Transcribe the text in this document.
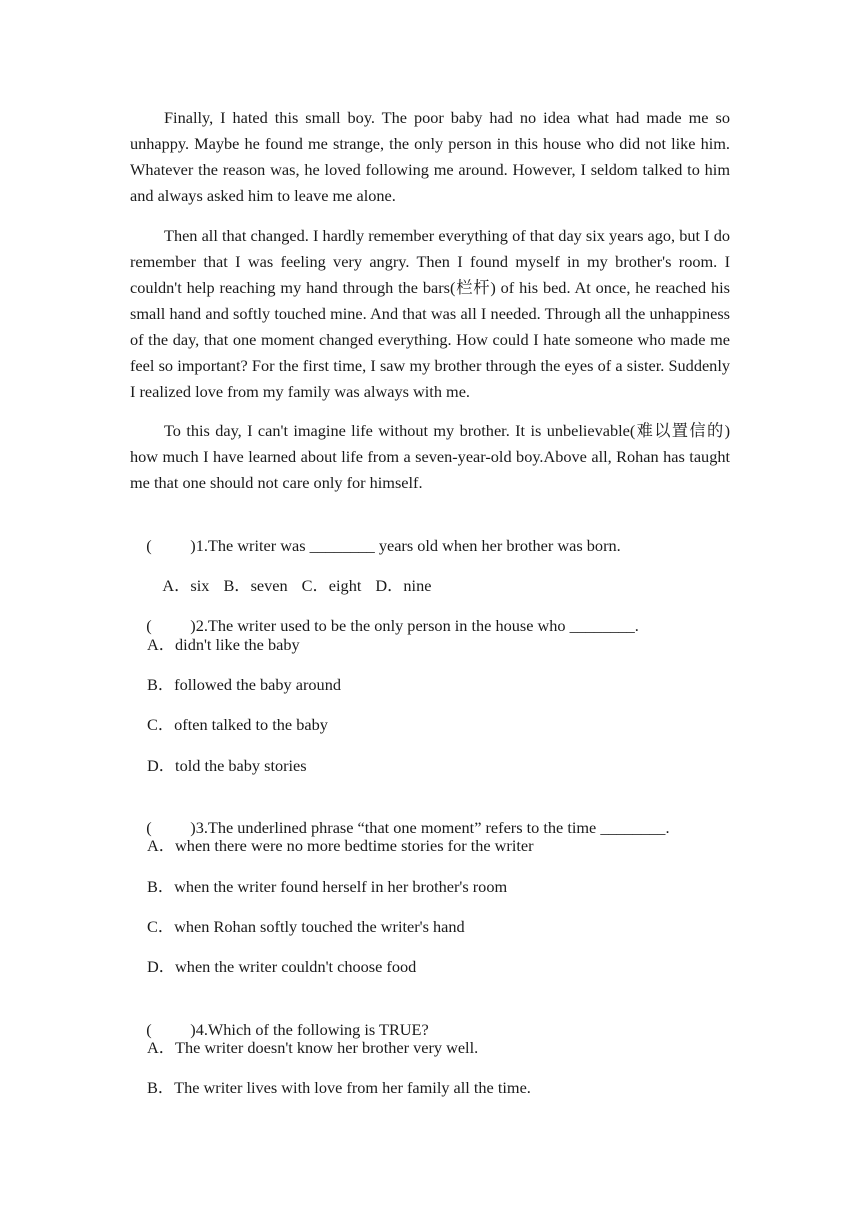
Finally, I hated this small boy. The poor baby had no idea what had made me so unhappy. Maybe he found me strange, the only person in this house who did not like him. Whatever the reason was, he loved following me around. However, I seldom talked to him and always asked him to leave me alone.

Then all that changed. I hardly remember everything of that day six years ago, but I do remember that I was feeling very angry. Then I found myself in my brother's room. I couldn't help reaching my hand through the bars(栏杆) of his bed. At once, he reached his small hand and softly touched mine. And that was all I needed. Through all the unhappiness of the day, that one moment changed everything. How could I hate someone who made me feel so important? For the first time, I saw my brother through the eyes of a sister. Suddenly I realized love from my family was always with me.

To this day, I can't imagine life without my brother. It is unbelievable(难以置信的) how much I have learned about life from a seven-year-old boy.Above all, Rohan has taught me that one should not care only for himself.

( )1.The writer was ________ years old when her brother was born.

A．six B．seven C．eight D．nine

( )2.The writer used to be the only person in the house who ________.

A．didn't like the baby
B．followed the baby around
C．often talked to the baby
D．told the baby stories

( )3.The underlined phrase “that one moment” refers to the time ________.

A．when there were no more bedtime stories for the writer
B．when the writer found herself in her brother's room
C．when Rohan softly touched the writer's hand
D．when the writer couldn't choose food

( )4.Which of the following is TRUE?

A．The writer doesn't know her brother very well.
B．The writer lives with love from her family all the time.
